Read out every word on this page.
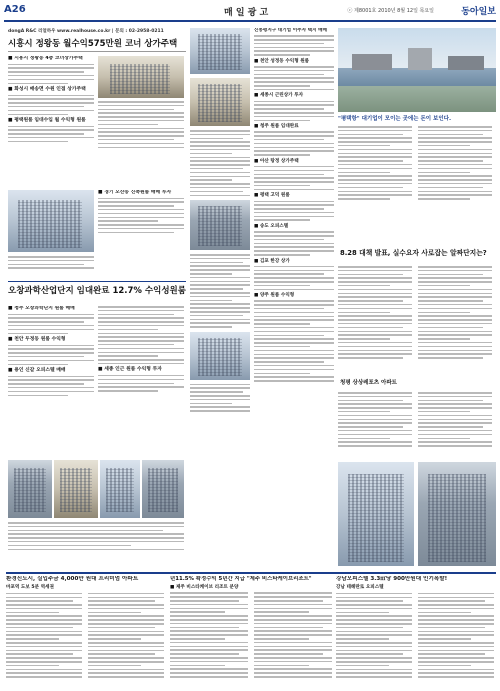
A26	매 일 광 고	ⓒ 제8001호 2010년 8월 12일 목요일	동아일보
dongA R&C 리얼하우 www.realhouse.co.kr | 문의 : 02-2958-0211
시흥시 정왕동 월수익575만원 코너 상가주택
■ 시흥시 정왕동 4층 코너상가주택
■ 화성시 매송면 수원 인접 상가주택
■ 평택원룸 임대수입 월 수익형 원룸
■ 경기 오산동 신축원룸 매매 투자
오창과학산업단지 임대완료 12.7% 수익성원룸
■ 청주 오창과학단지 원룸 매매
■ 천안 두정동 원룸 수익형
■ 용인 신갈 오피스텔 매매	■ 세종 인근 원룸 수익형 투자
신봉평지구 대기업 이주자 택지 매매
■ 천안 성정동 수익형 원룸
■ 세종시 근린상가 투자
■ 청주 원룸 임대완료
■ 아산 탕정 상가주택
■ 평택 고덕 원룸
■ 송도 오피스텔
■ 김포 한강 상가
■ 양주 원룸 수익형
"평택항" 대기업이 모이는 곳에는 돈이 보인다.
8.28 대책 발표, 실수요자 사로잡는 알짜단지는?
청평 상상레포츠 아파트
환경신도시, 실입주금 4,000만 원대 프리미엄 아파트
마포역 도보 5분 역세권
년11.5% 확정수익 5년간 지급 "제주 비스타케이브리조트"
■ 제주 비스타케이브 리조트 분양
강남오피스텔 3.3㎡당 900만원대 인기폭발!
강남 테헤란로 오피스텔
